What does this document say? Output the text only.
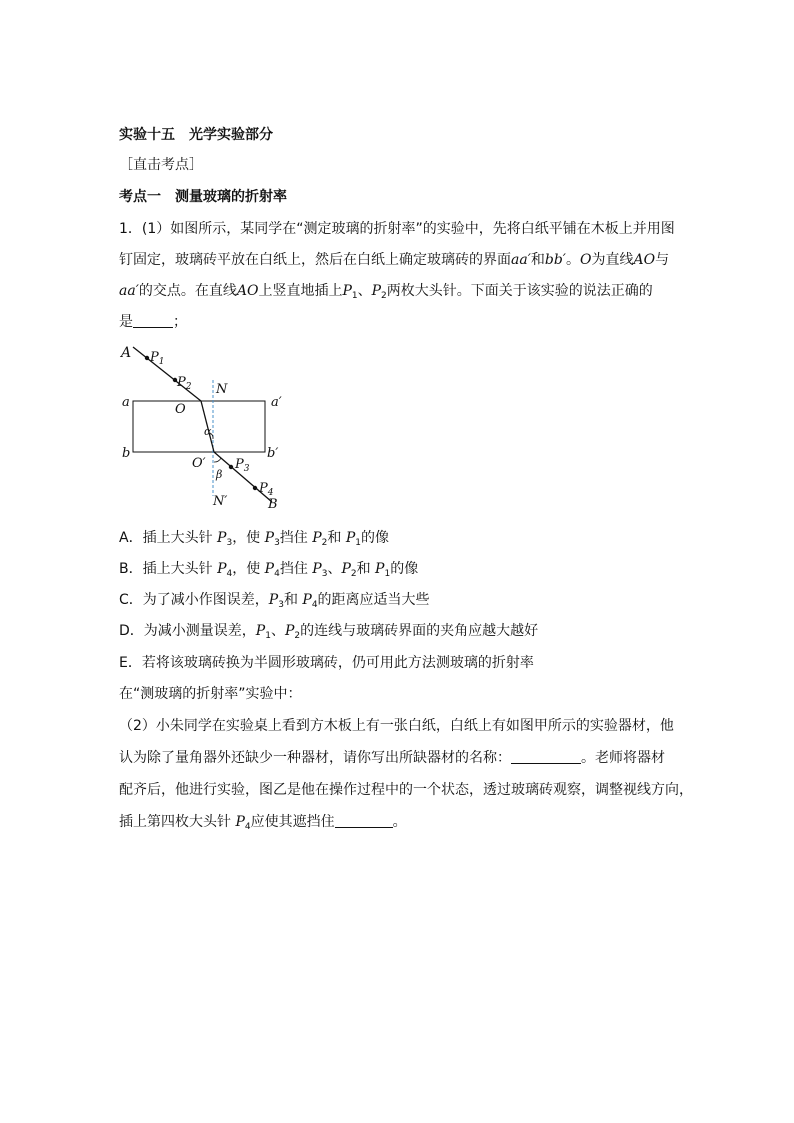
实验十五　光学实验部分
［直击考点］
考点一　测量玻璃的折射率
1．(1）如图所示，某同学在“测定玻璃的折射率”的实验中，先将白纸平铺在木板上并用图
钉固定，玻璃砖平放在白纸上，然后在白纸上确定玻璃砖的界面aa′和bb′。O为直线AO与
aa′的交点。在直线AO上竖直地插上$P_1$、$P_2$两枚大头针。下面关于该实验的说法正确的
是	；
A $P_1$
$P_2$ N
a	a′
O
α
b	b′
O′ $P_3$
β
$P_4$
N′	B
A．插上大头针 $P_3$，使 $P_3$挡住 $P_2$和 $P_1$的像
B．插上大头针 $P_4$，使 $P_4$挡住 $P_3$、$P_2$和 $P_1$的像
C．为了减小作图误差，$P_3$和 $P_4$的距离应适当大些
D．为减小测量误差，$P_1$、$P_2$的连线与玻璃砖界面的夹角应越大越好
E．若将该玻璃砖换为半圆形玻璃砖，仍可用此方法测玻璃的折射率
在“测玻璃的折射率”实验中：
（2）小朱同学在实验桌上看到方木板上有一张白纸，白纸上有如图甲所示的实验器材，他
认为除了量角器外还缺少一种器材，请你写出所缺器材的名称：	。老师将器材
配齐后，他进行实验，图乙是他在操作过程中的一个状态，透过玻璃砖观察，调整视线方向，
插上第四枚大头针 $P_4$应使其遮挡住	。
